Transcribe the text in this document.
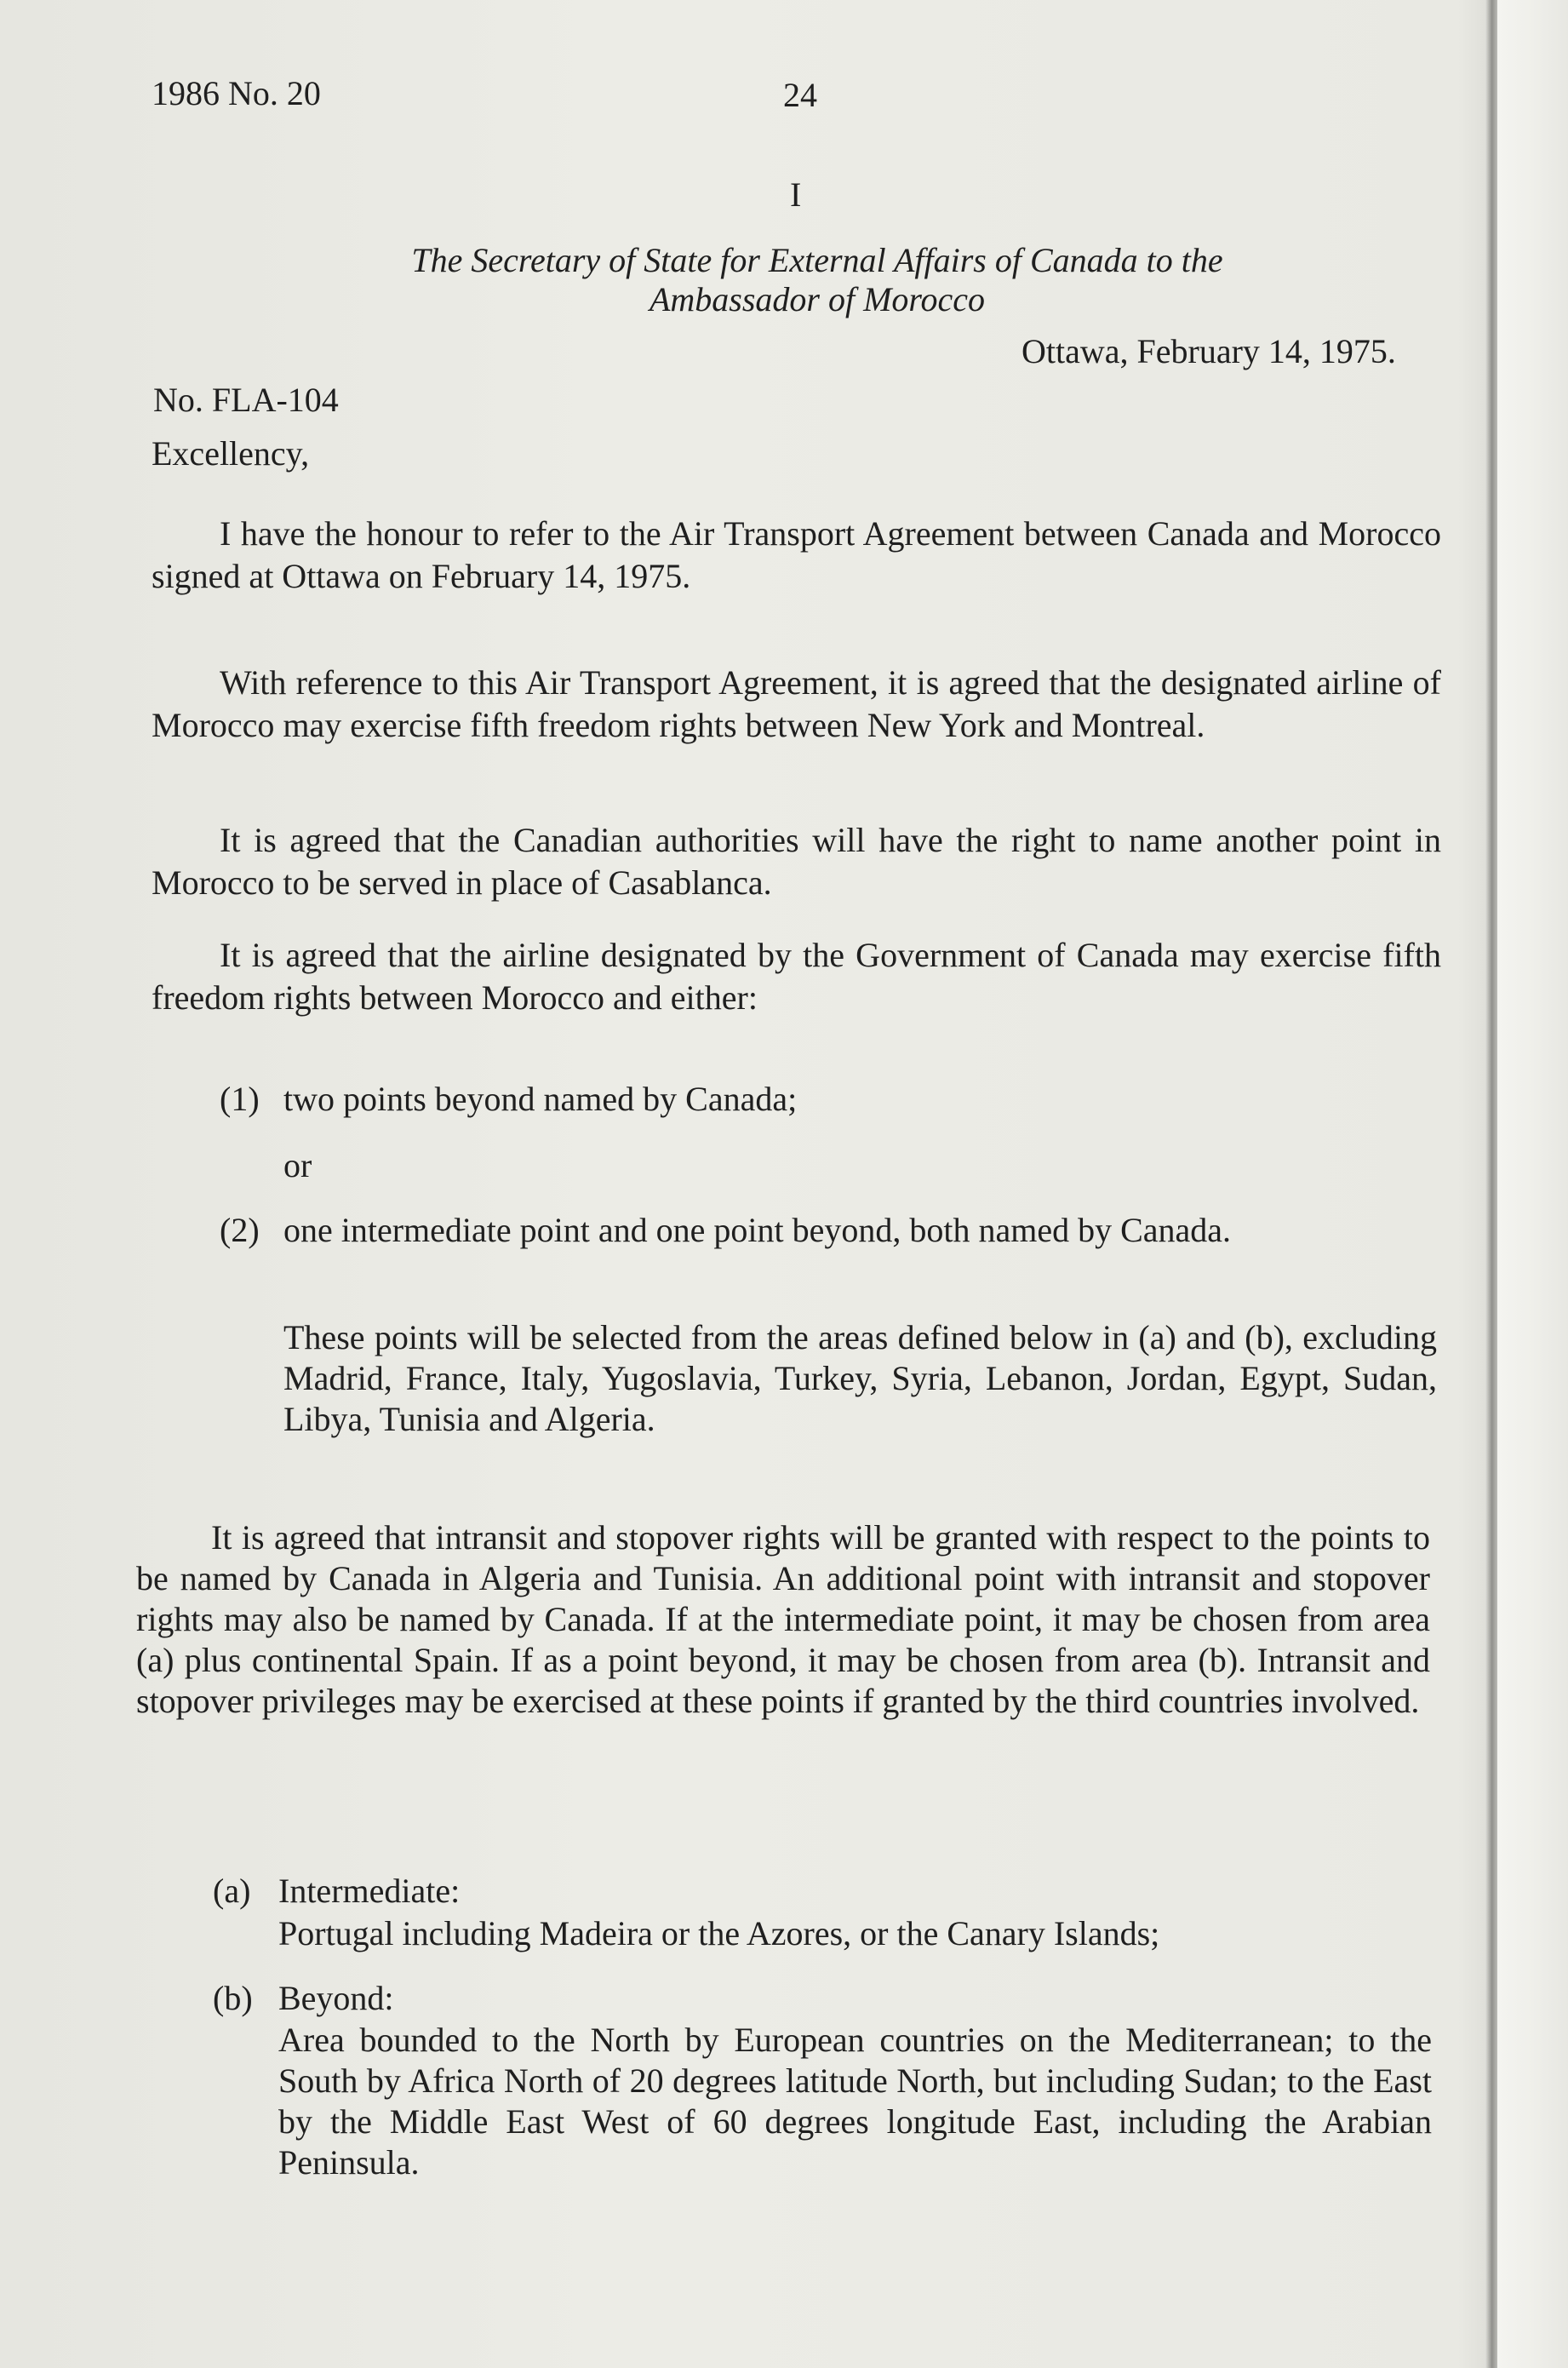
1986 No. 20	24
I
The Secretary of State for External Affairs of Canada to the
Ambassador of Morocco
Ottawa, February 14, 1975.
No. FLA-104
Excellency,
I have the honour to refer to the Air Transport Agreement between Canada and Morocco signed at Ottawa on February 14, 1975.
With reference to this Air Transport Agreement, it is agreed that the designated airline of Morocco may exercise fifth freedom rights between New York and Montreal.
It is agreed that the Canadian authorities will have the right to name another point in Morocco to be served in place of Casablanca.
It is agreed that the airline designated by the Government of Canada may exercise fifth freedom rights between Morocco and either:
(1) two points beyond named by Canada;
or
(2) one intermediate point and one point beyond, both named by Canada.
These points will be selected from the areas defined below in (a) and (b), excluding Madrid, France, Italy, Yugoslavia, Turkey, Syria, Lebanon, Jordan, Egypt, Sudan, Libya, Tunisia and Algeria.
It is agreed that intransit and stopover rights will be granted with respect to the points to be named by Canada in Algeria and Tunisia. An additional point with intransit and stopover rights may also be named by Canada. If at the intermediate point, it may be chosen from area (a) plus continental Spain. If as a point beyond, it may be chosen from area (b). Intransit and stopover privileges may be exercised at these points if granted by the third countries involved.
(a) Intermediate:
Portugal including Madeira or the Azores, or the Canary Islands;
(b) Beyond:
Area bounded to the North by European countries on the Mediterranean; to the South by Africa North of 20 degrees latitude North, but including Sudan; to the East by the Middle East West of 60 degrees longitude East, including the Arabian Peninsula.
